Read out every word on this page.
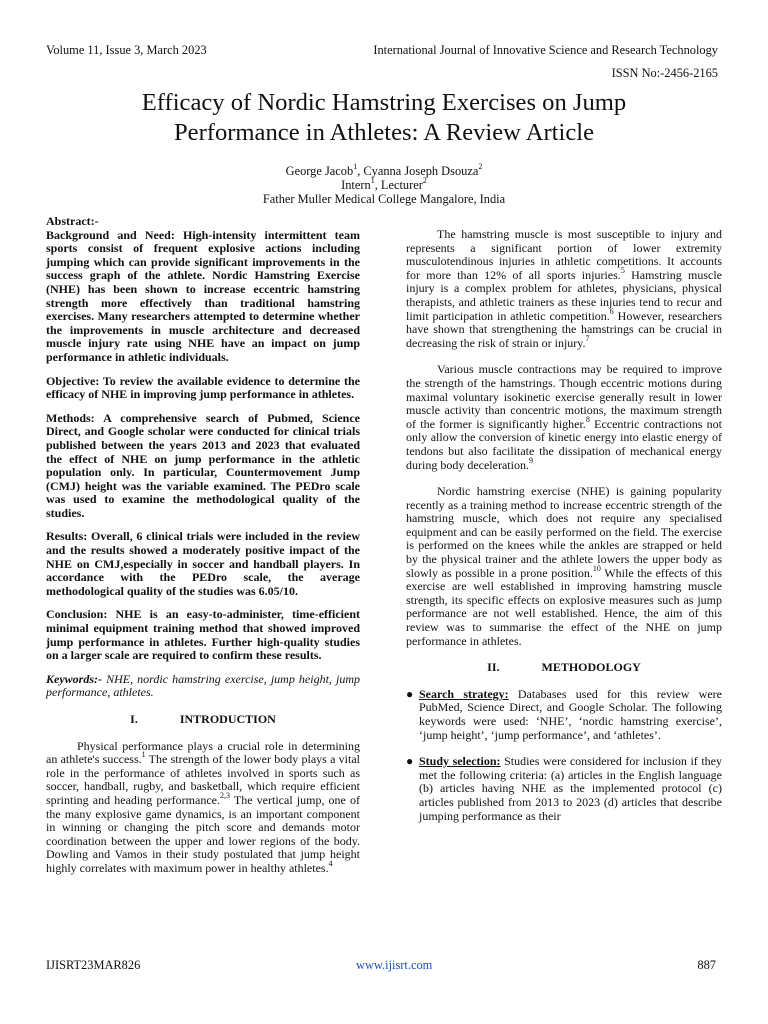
Volume 11, Issue 3, March 2023	International Journal of Innovative Science and Research Technology
ISSN No:-2456-2165
Efficacy of Nordic Hamstring Exercises on Jump
Performance in Athletes: A Review Article
George Jacob$^1$, Cyanna Joseph Dsouza$^2$
Intern$^1$, Lecturer$^2$
Father Muller Medical College Mangalore, India

Abstract:-

Background and Need: High-intensity intermittent team sports consist of frequent explosive actions including jumping which can provide significant improvements in the success graph of the athlete. Nordic Hamstring Exercise (NHE) has been shown to increase eccentric hamstring strength more effectively than traditional hamstring exercises. Many researchers attempted to determine whether the improvements in muscle architecture and decreased muscle injury rate using NHE have an impact on jump performance in athletic individuals.

Objective: To review the available evidence to determine the efficacy of NHE in improving jump performance in athletes.

Methods: A comprehensive search of Pubmed, Science Direct, and Google scholar were conducted for clinical trials published between the years 2013 and 2023 that evaluated the effect of NHE on jump performance in the athletic population only. In particular, Countermovement Jump (CMJ) height was the variable examined. The PEDro scale was used to examine the methodological quality of the studies.

Results: Overall, 6 clinical trials were included in the review and the results showed a moderately positive impact of the NHE on CMJ,especially in soccer and handball players. In accordance with the PEDro scale, the average methodological quality of the studies was 6.05/10.

Conclusion: NHE is an easy-to-administer, time-efficient minimal equipment training method that showed improved jump performance in athletes. Further high-quality studies on a larger scale are required to confirm these results.

Keywords:- NHE, nordic hamstring exercise, jump height, jump performance, athletes.

I.	INTRODUCTION

Physical performance plays a crucial role in determining an athlete's success.$^1$ The strength of the lower body plays a vital role in the performance of athletes involved in sports such as soccer, handball, rugby, and basketball, which require efficient sprinting and heading performance.$^{2,3}$ The vertical jump, one of the many explosive game dynamics, is an important component in winning or changing the pitch score and demands motor coordination between the upper and lower regions of the body. Dowling and Vamos in their study postulated that jump height highly correlates with maximum power in healthy athletes.$^4$

IJISRT23MAR826	www.ijisrt.com	887

The hamstring muscle is most susceptible to injury and represents a significant portion of lower extremity musculotendinous injuries in athletic competitions. It accounts for more than 12% of all sports injuries.$^5$ Hamstring muscle injury is a complex problem for athletes, physicians, physical therapists, and athletic trainers as these injuries tend to recur and limit participation in athletic competition.$^6$ However, researchers have shown that strengthening the hamstrings can be crucial in decreasing the risk of strain or injury.$^7$

Various muscle contractions may be required to improve the strength of the hamstrings. Though eccentric motions during maximal voluntary isokinetic exercise generally result in lower muscle activity than concentric motions, the maximum strength of the former is significantly higher.$^8$ Eccentric contractions not only allow the conversion of kinetic energy into elastic energy of tendons but also facilitate the dissipation of mechanical energy during body deceleration.$^9$

Nordic hamstring exercise (NHE) is gaining popularity recently as a training method to increase eccentric strength of the hamstring muscle, which does not require any specialised equipment and can be easily performed on the field. The exercise is performed on the knees while the ankles are strapped or held by the physical trainer and the athlete lowers the upper body as slowly as possible in a prone position.$^{10}$ While the effects of this exercise are well established in improving hamstring muscle strength, its specific effects on explosive measures such as jump performance are not well established. Hence, the aim of this review was to summarise the effect of the NHE on jump performance in athletes.

II.	METHODOLOGY

● Search strategy: Databases used for this review were PubMed, Science Direct, and Google Scholar. The following keywords were used: ‘NHE’, ‘nordic hamstring exercise’, ‘jump height’, ‘jump performance’, and ‘athletes’.

● Study selection: Studies were considered for inclusion if they met the following criteria: (a) articles in the English language (b) articles having NHE as the implemented protocol (c) articles published from 2013 to 2023 (d) articles that describe jumping performance as their
